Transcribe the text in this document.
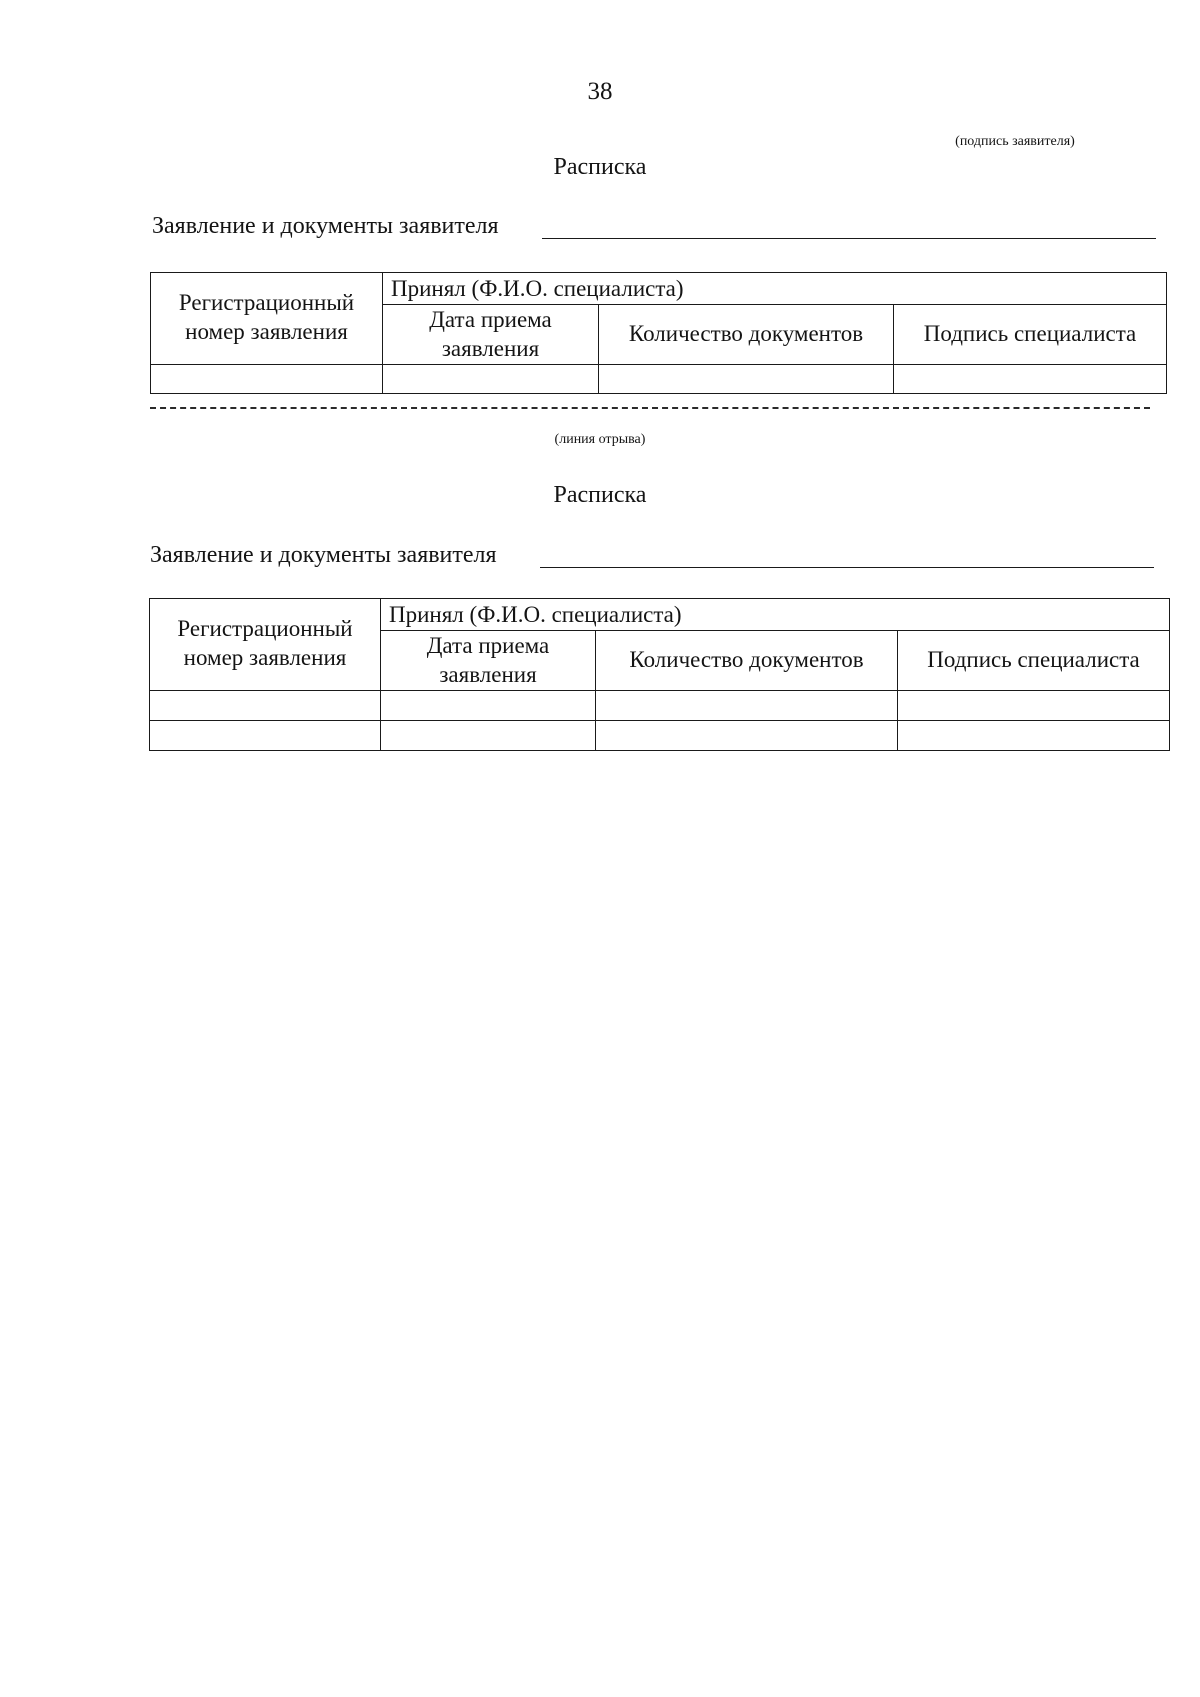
38
(подпись заявителя)
Расписка
Заявление и документы заявителя
Регистрационный номер заявления	Принял (Ф.И.О. специалиста)		
	Дата приема заявления	Количество документов	Подпись специалиста

(линия отрыва)
Расписка
Заявление и документы заявителя
Регистрационный номер заявления	Принял (Ф.И.О. специалиста)		
	Дата приема заявления	Количество документов	Подпись специалиста
